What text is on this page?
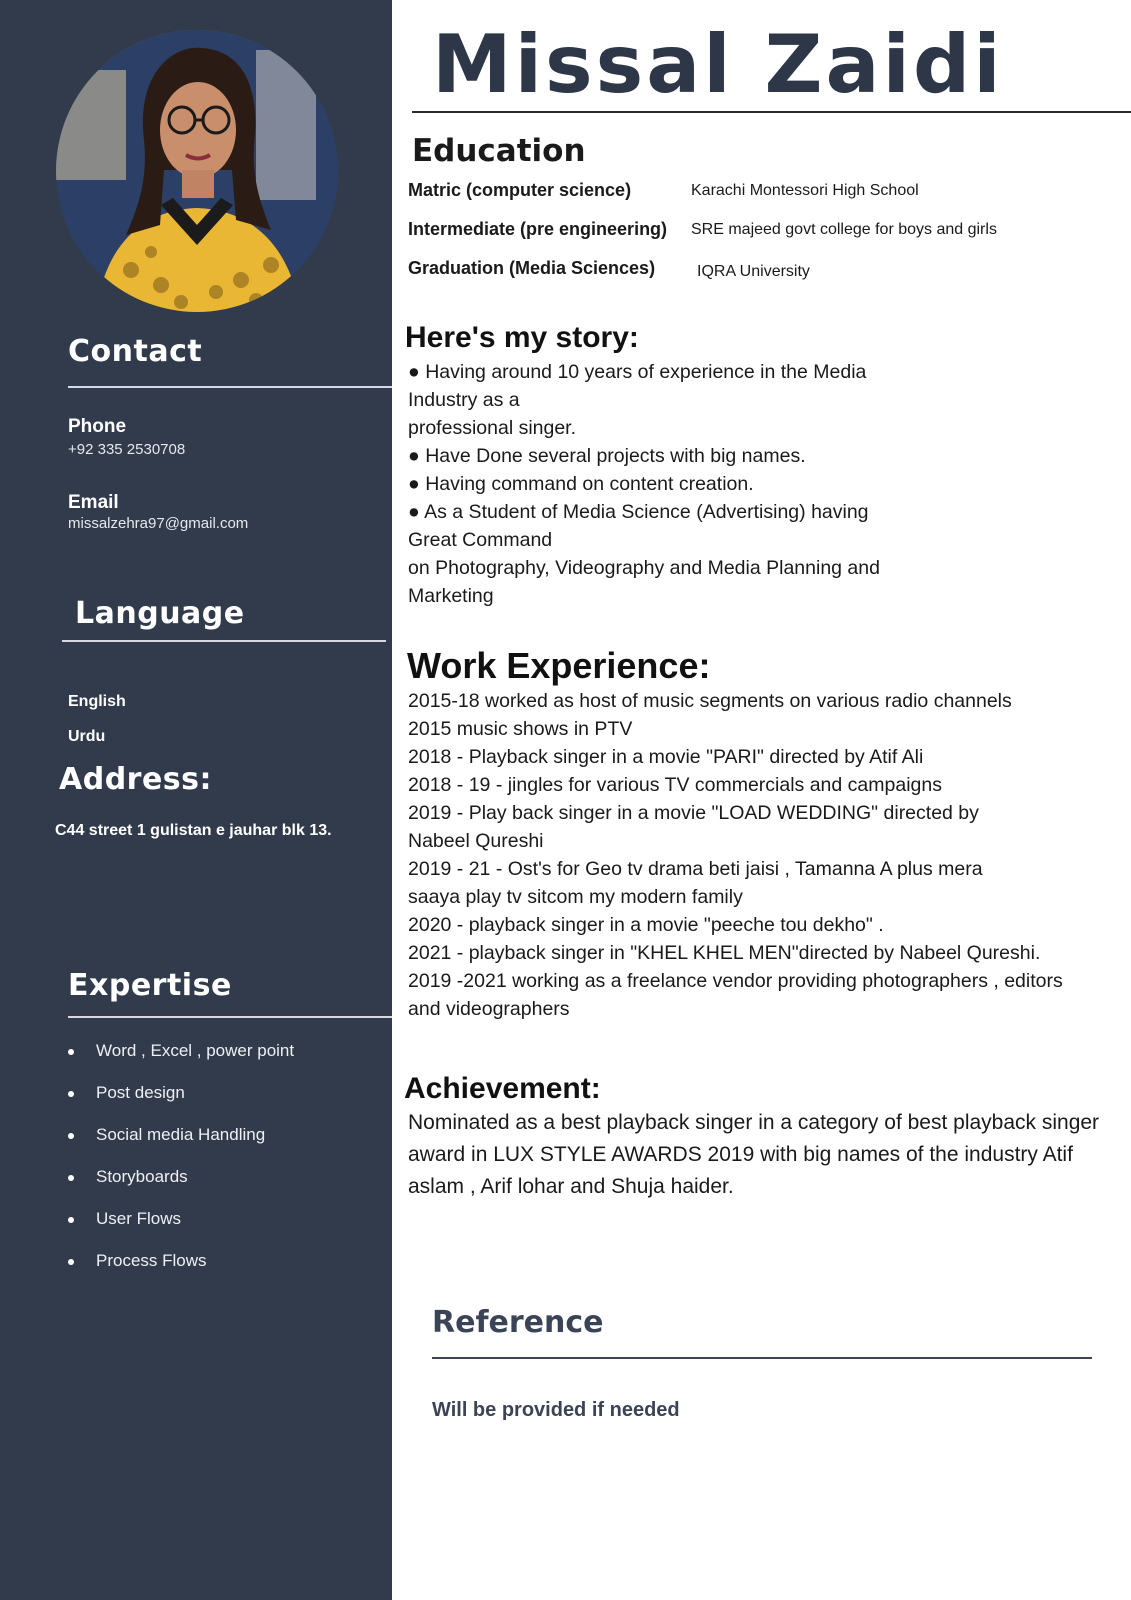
Contact
Phone
+92 335 2530708
Email
missalzehra97@gmail.com
Language
English
Urdu
Address:
C44 street 1 gulistan e jauhar blk 13.
Expertise
Word , Excel , power point
Post design
Social media Handling
Storyboards
User Flows
Process Flows
Missal Zaidi
Education
Matric (computer science)	Karachi Montessori High School
Intermediate (pre engineering) SRE majeed govt college for boys and girls
Graduation (Media Sciences)	IQRA University
Here's my story:
● Having around 10 years of experience in the Media
Industry as a
professional singer.
● Have Done several projects with big names.
● Having command on content creation.
● As a Student of Media Science (Advertising) having
Great Command
on Photography, Videography and Media Planning and
Marketing
Work Experience:
2015-18 worked as host of music segments on various radio channels
2015 music shows in PTV
2018 - Playback singer in a movie "PARI" directed by Atif Ali
2018 - 19 - jingles for various TV commercials and campaigns
2019 - Play back singer in a movie "LOAD WEDDING" directed by
Nabeel Qureshi
2019 - 21 - Ost's for Geo tv drama beti jaisi , Tamanna A plus mera
saaya play tv sitcom my modern family
2020 - playback singer in a movie "peeche tou dekho" .
2021 - playback singer in "KHEL KHEL MEN"directed by Nabeel Qureshi.
2019 -2021 working as a freelance vendor providing photographers , editors
and videographers
Achievement:

Nominated as a best playback singer in a category of best playback singer award in LUX STYLE AWARDS 2019 with big names of the industry Atif aslam , Arif lohar and Shuja haider.

Reference
Will be provided if needed
